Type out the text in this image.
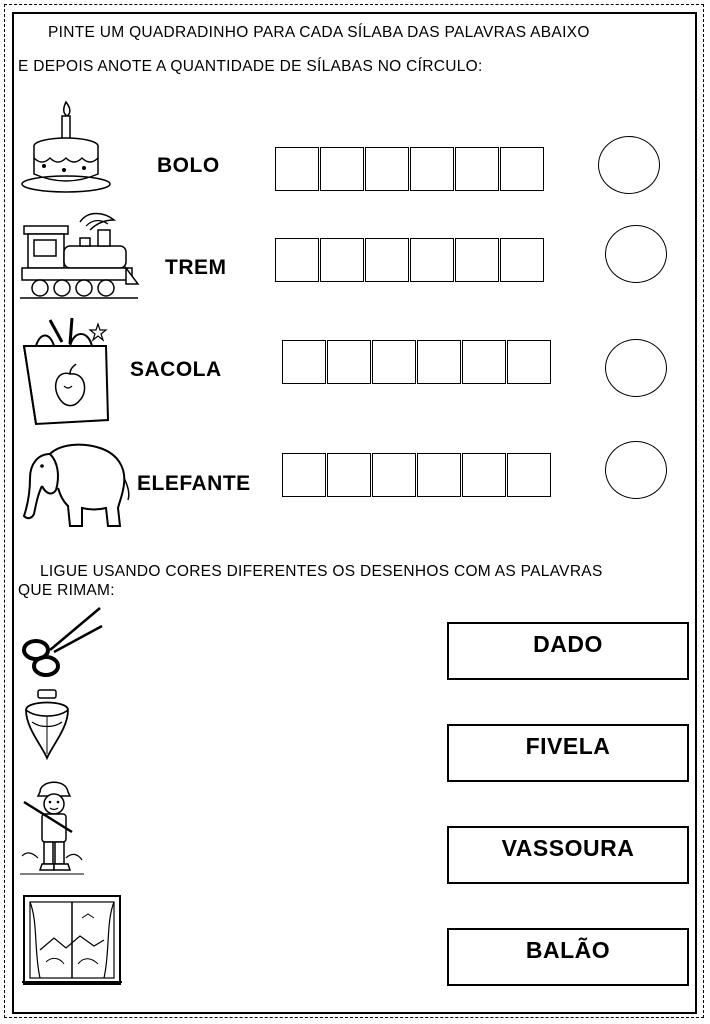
PINTE UM QUADRADINHO PARA CADA SÍLABA DAS PALAVRAS ABAIXO
E DEPOIS ANOTE A QUANTIDADE DE SÍLABAS NO CÍRCULO:
BOLO
TREM
SACOLA
ELEFANTE
LIGUE USANDO CORES DIFERENTES OS DESENHOS COM AS PALAVRAS
QUE RIMAM:
DADO
FIVELA
VASSOURA
BALÃO
